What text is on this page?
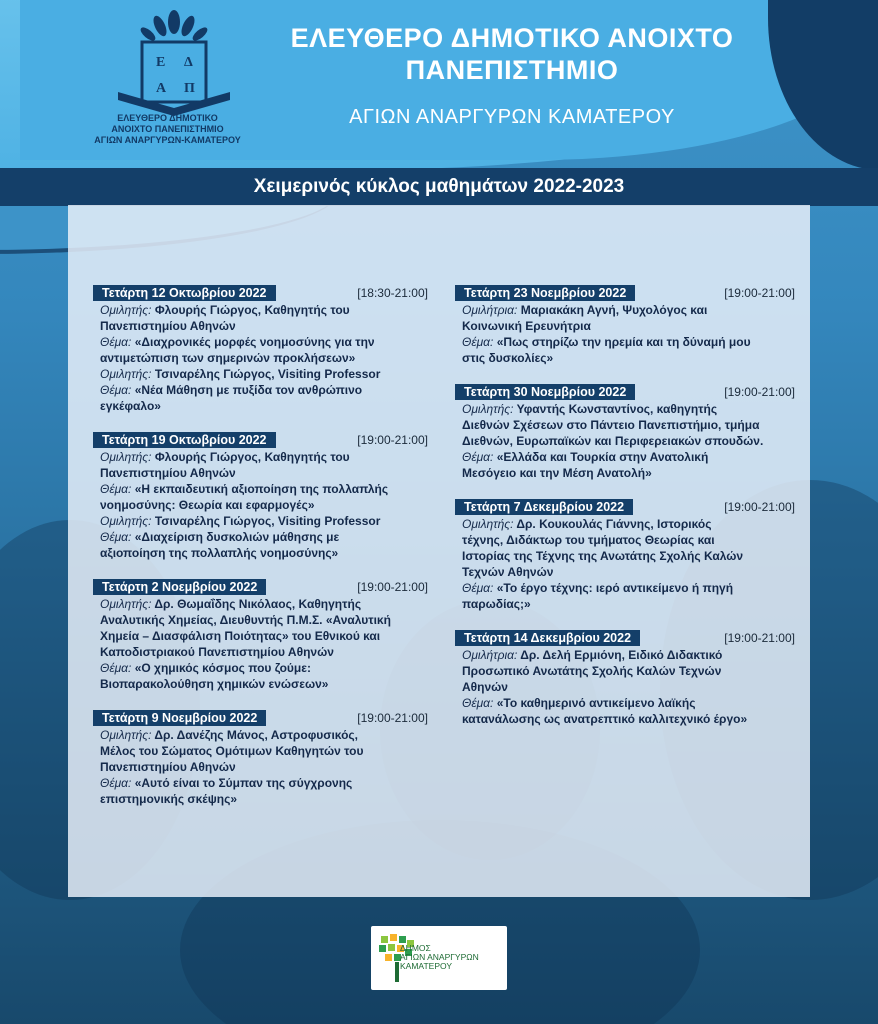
Ε Δ
Α Π
ΕΛΕΥΘΕΡΟ ΔΗΜΟΤΙΚΟ
ΑΝΟΙΧΤΟ ΠΑΝΕΠΙΣΤΗΜΙΟ
ΑΓΙΩΝ ΑΝΑΡΓΥΡΩΝ-ΚΑΜΑΤΕΡΟΥ
ΕΛΕΥΘΕΡΟ ΔΗΜΟΤΙΚΟ ΑΝΟΙΧΤΟ
ΠΑΝΕΠΙΣΤΗΜΙΟ
ΑΓΙΩΝ ΑΝΑΡΓΥΡΩΝ ΚΑΜΑΤΕΡΟΥ
Χειμερινός κύκλος μαθημάτων 2022-2023
Τετάρτη 12 Οκτωβρίου 2022	[18:30-21:00]
Ομιλητής: Φλουρής Γιώργος, Καθηγητής του
Πανεπιστημίου Αθηνών
Θέμα: «Διαχρονικές μορφές νοημοσύνης για την
αντιμετώπιση των σημερινών προκλήσεων»
Ομιλητής: Τσιναρέλης Γιώργος, Visiting Professor
Θέμα: «Νέα Μάθηση με πυξίδα τον ανθρώπινο
εγκέφαλο»
Τετάρτη 19 Οκτωβρίου 2022	[19:00-21:00]
Ομιλητής: Φλουρής Γιώργος, Καθηγητής του
Πανεπιστημίου Αθηνών
Θέμα: «Η εκπαιδευτική αξιοποίηση της πολλαπλής
νοημοσύνης: Θεωρία και εφαρμογές»
Ομιλητής: Τσιναρέλης Γιώργος, Visiting Professor
Θέμα: «Διαχείριση δυσκολιών μάθησης με
αξιοποίηση της πολλαπλής νοημοσύνης»
Τετάρτη 2 Νοεμβρίου 2022	[19:00-21:00]
Ομιλητής: Δρ. Θωμαΐδης Νικόλαος, Καθηγητής
Αναλυτικής Χημείας, Διευθυντής Π.Μ.Σ. «Αναλυτική
Χημεία – Διασφάλιση Ποιότητας» του Εθνικού και
Καποδιστριακού Πανεπιστημίου Αθηνών
Θέμα: «Ο χημικός κόσμος που ζούμε:
Βιοπαρακολούθηση χημικών ενώσεων»
Τετάρτη 9 Νοεμβρίου 2022	[19:00-21:00]
Ομιλητής: Δρ. Δανέζης Μάνος, Αστροφυσικός,
Μέλος του Σώματος Ομότιμων Καθηγητών του
Πανεπιστημίου Αθηνών
Θέμα: «Αυτό είναι το Σύμπαν της σύγχρονης
επιστημονικής σκέψης»
Τετάρτη 23 Νοεμβρίου 2022	[19:00-21:00]
Ομιλήτρια: Μαριακάκη Αγνή, Ψυχολόγος και
Κοινωνική Ερευνήτρια
Θέμα: «Πως στηρίζω την ηρεμία και τη δύναμή μου
στις δυσκολίες»
Τετάρτη 30 Νοεμβρίου 2022	[19:00-21:00]
Ομιλητής: Υφαντής Κωνσταντίνος, καθηγητής
Διεθνών Σχέσεων στο Πάντειο Πανεπιστήμιο, τμήμα
Διεθνών, Ευρωπαϊκών και Περιφερειακών σπουδών.
Θέμα: «Ελλάδα και Τουρκία στην Ανατολική
Μεσόγειο και την Μέση Ανατολή»
Τετάρτη 7 Δεκεμβρίου 2022	[19:00-21:00]
Ομιλητής: Δρ. Κουκουλάς Γιάννης, Ιστορικός
τέχνης, Διδάκτωρ του τμήματος Θεωρίας και
Ιστορίας της Τέχνης της Ανωτάτης Σχολής Καλών
Τεχνών Αθηνών
Θέμα: «Το έργο τέχνης: ιερό αντικείμενο ή πηγή
παρωδίας;»
Τετάρτη 14 Δεκεμβρίου 2022	[19:00-21:00]
Ομιλήτρια: Δρ. Δελή Ερμιόνη, Ειδικό Διδακτικό
Προσωπικό Ανωτάτης Σχολής Καλών Τεχνών
Αθηνών
Θέμα: «Το καθημερινό αντικείμενο λαϊκής
κατανάλωσης ως ανατρεπτικό καλλιτεχνικό έργο»
ΔΗΜΟΣ
ΑΓΙΩΝ ΑΝΑΡΓΥΡΩΝ
ΚΑΜΑΤΕΡΟΥ
